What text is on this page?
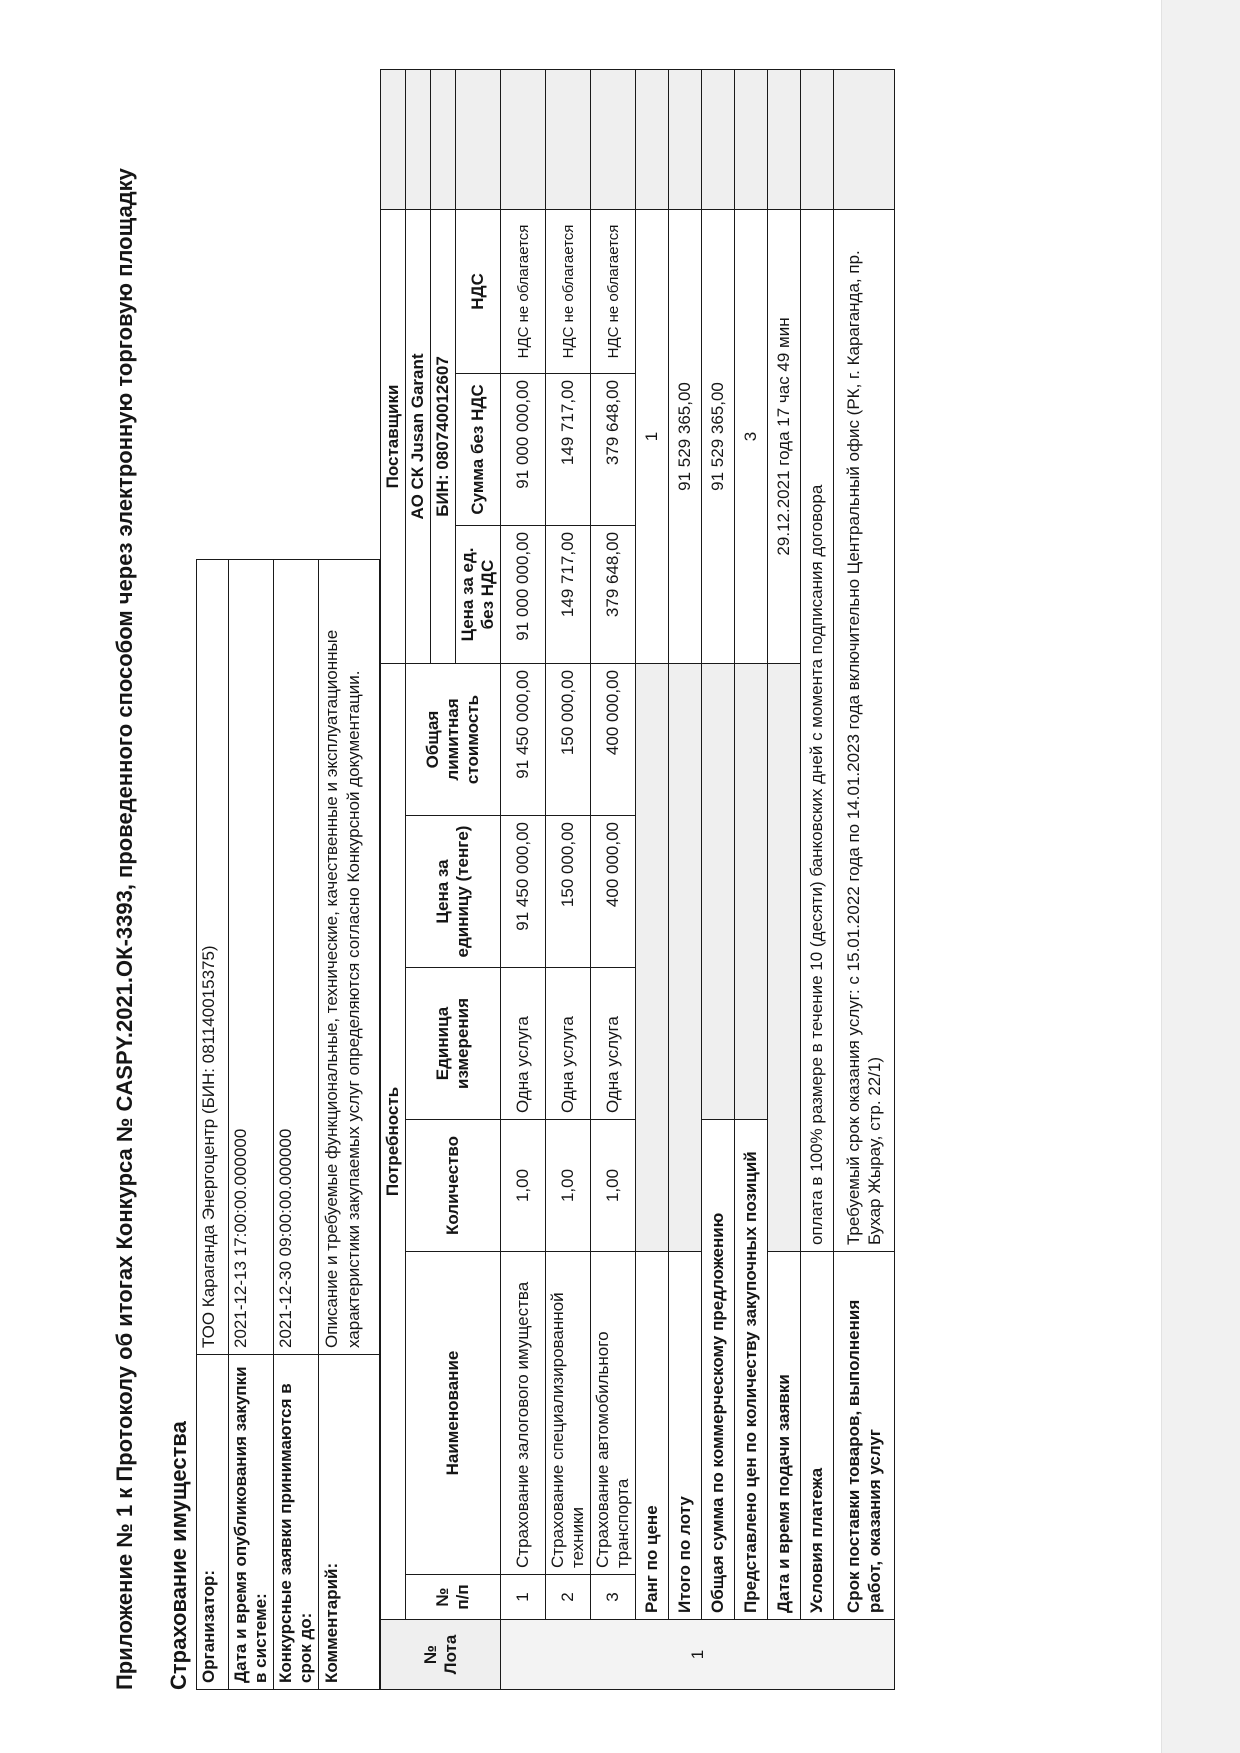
Приложение № 1 к Протоколу об итогах Конкурса № CASPY.2021.ОК-3393, проведенного способом через электронную торговую площадку Страхование имущества Организатор:	ТОО Караганда Энергоцентр (БИН: 081140015375)
Дата и время опубликования закупки в системе:	2021-12-13 17:00:00.000000
Конкурсные заявки принимаются в срок до:	2021-12-30 09:00:00.000000
Комментарий:	Описание и требуемые функциональные, технические, качественные и эксплуатационные характеристики закупаемых услуг определяются согласно Конкурсной документации.
№ Лота	Потребность						Поставщики			
	№ п/п	Наименование	Количество	Единица измерения	Цена за единицу (тенге)	Общая лимитная стоимость	АО СК Jusan Garant			
							БИН: 080740012607			
							Цена за ед. без НДС	Сумма без НДС	НДС	
1	1	Страхование залогового имущества	1,00	Одна услуга	91 450 000,00	91 450 000,00	91 000 000,00	91 000 000,00	НДС не облагается	
	2	Страхование специализированной техники	1,00	Одна услуга	150 000,00	150 000,00	149 717,00	149 717,00	НДС не облагается	
	3	Страхование автомобильного транспорта	1,00	Одна услуга	400 000,00	400 000,00	379 648,00	379 648,00	НДС не облагается	
	Ранг по цене						1			
	Итого по лоту						91 529 365,00			
	Общая сумма по коммерческому предложению						91 529 365,00			
	Представлено цен по количеству закупочных позиций						3			
	Дата и время подачи заявки						29.12.2021 года 17 час 49 мин			
	Условия платежа		оплата в 100% размере в течение 10 (десяти) банковских дней с момента подписания договора							
	Срок поставки товаров, выполнения работ, оказания услуг		Требуемый срок оказания услуг: с 15.01.2022 года по 14.01.2023 года включительно Центральный офис (РК, г. Караганда, пр. Бухар Жырау, стр. 22/1)							
